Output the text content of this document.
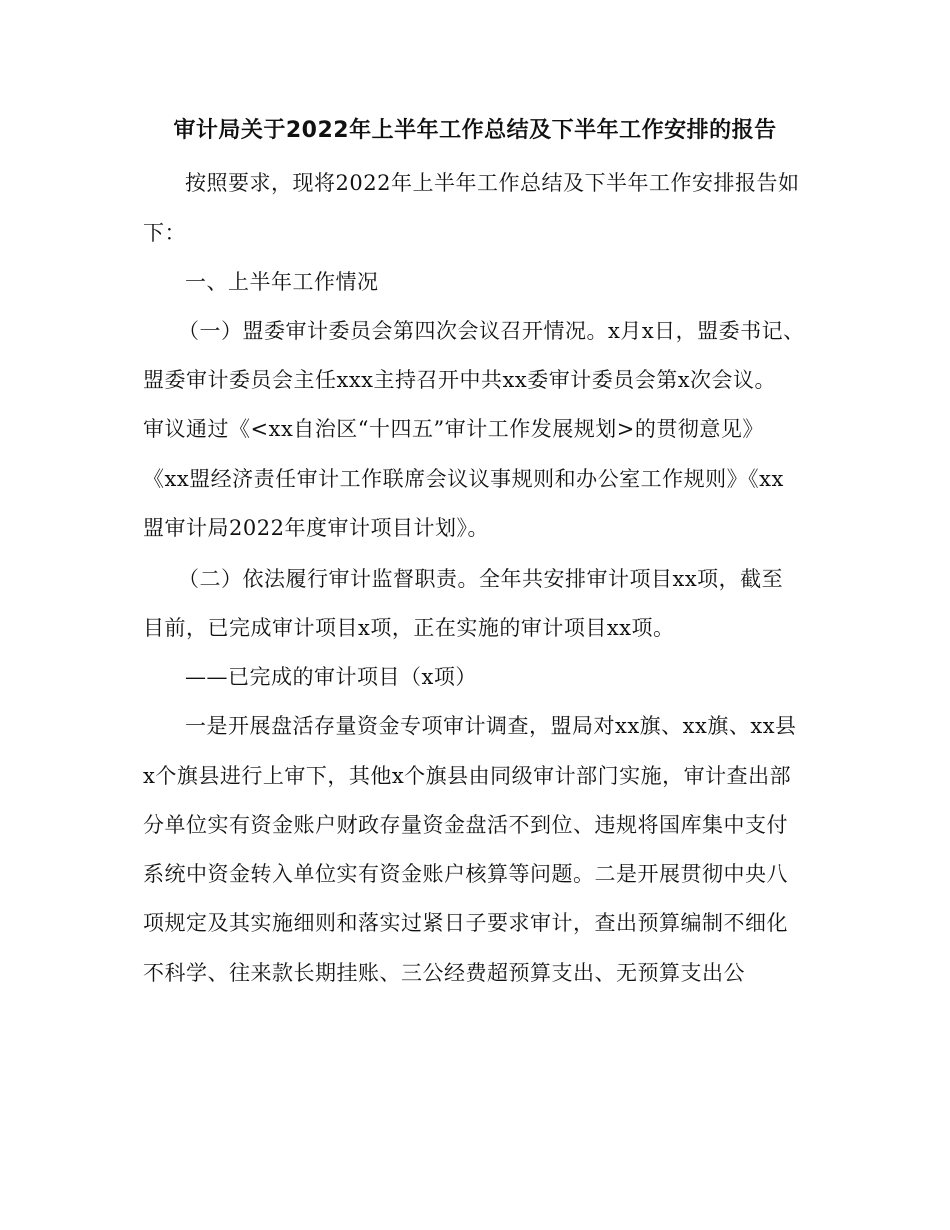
审计局关于2022年上半年工作总结及下半年工作安排的报告
按照要求，现将2022年上半年工作总结及下半年工作安排报告如
下：
一、上半年工作情况
（一）盟委审计委员会第四次会议召开情况。x月x日，盟委书记、
盟委审计委员会主任xxx主持召开中共xx委审计委员会第x次会议。
审议通过《<xx自治区“十四五”审计工作发展规划>的贯彻意见》
《xx盟经济责任审计工作联席会议议事规则和办公室工作规则》《xx
盟审计局2022年度审计项目计划》。
（二）依法履行审计监督职责。全年共安排审计项目xx项，截至
目前，已完成审计项目x项，正在实施的审计项目xx项。
——已完成的审计项目（x项）
一是开展盘活存量资金专项审计调查，盟局对xx旗、xx旗、xx县
x个旗县进行上审下，其他x个旗县由同级审计部门实施，审计查出部
分单位实有资金账户财政存量资金盘活不到位、违规将国库集中支付
系统中资金转入单位实有资金账户核算等问题。二是开展贯彻中央八
项规定及其实施细则和落实过紧日子要求审计，查出预算编制不细化
不科学、往来款长期挂账、三公经费超预算支出、无预算支出公
